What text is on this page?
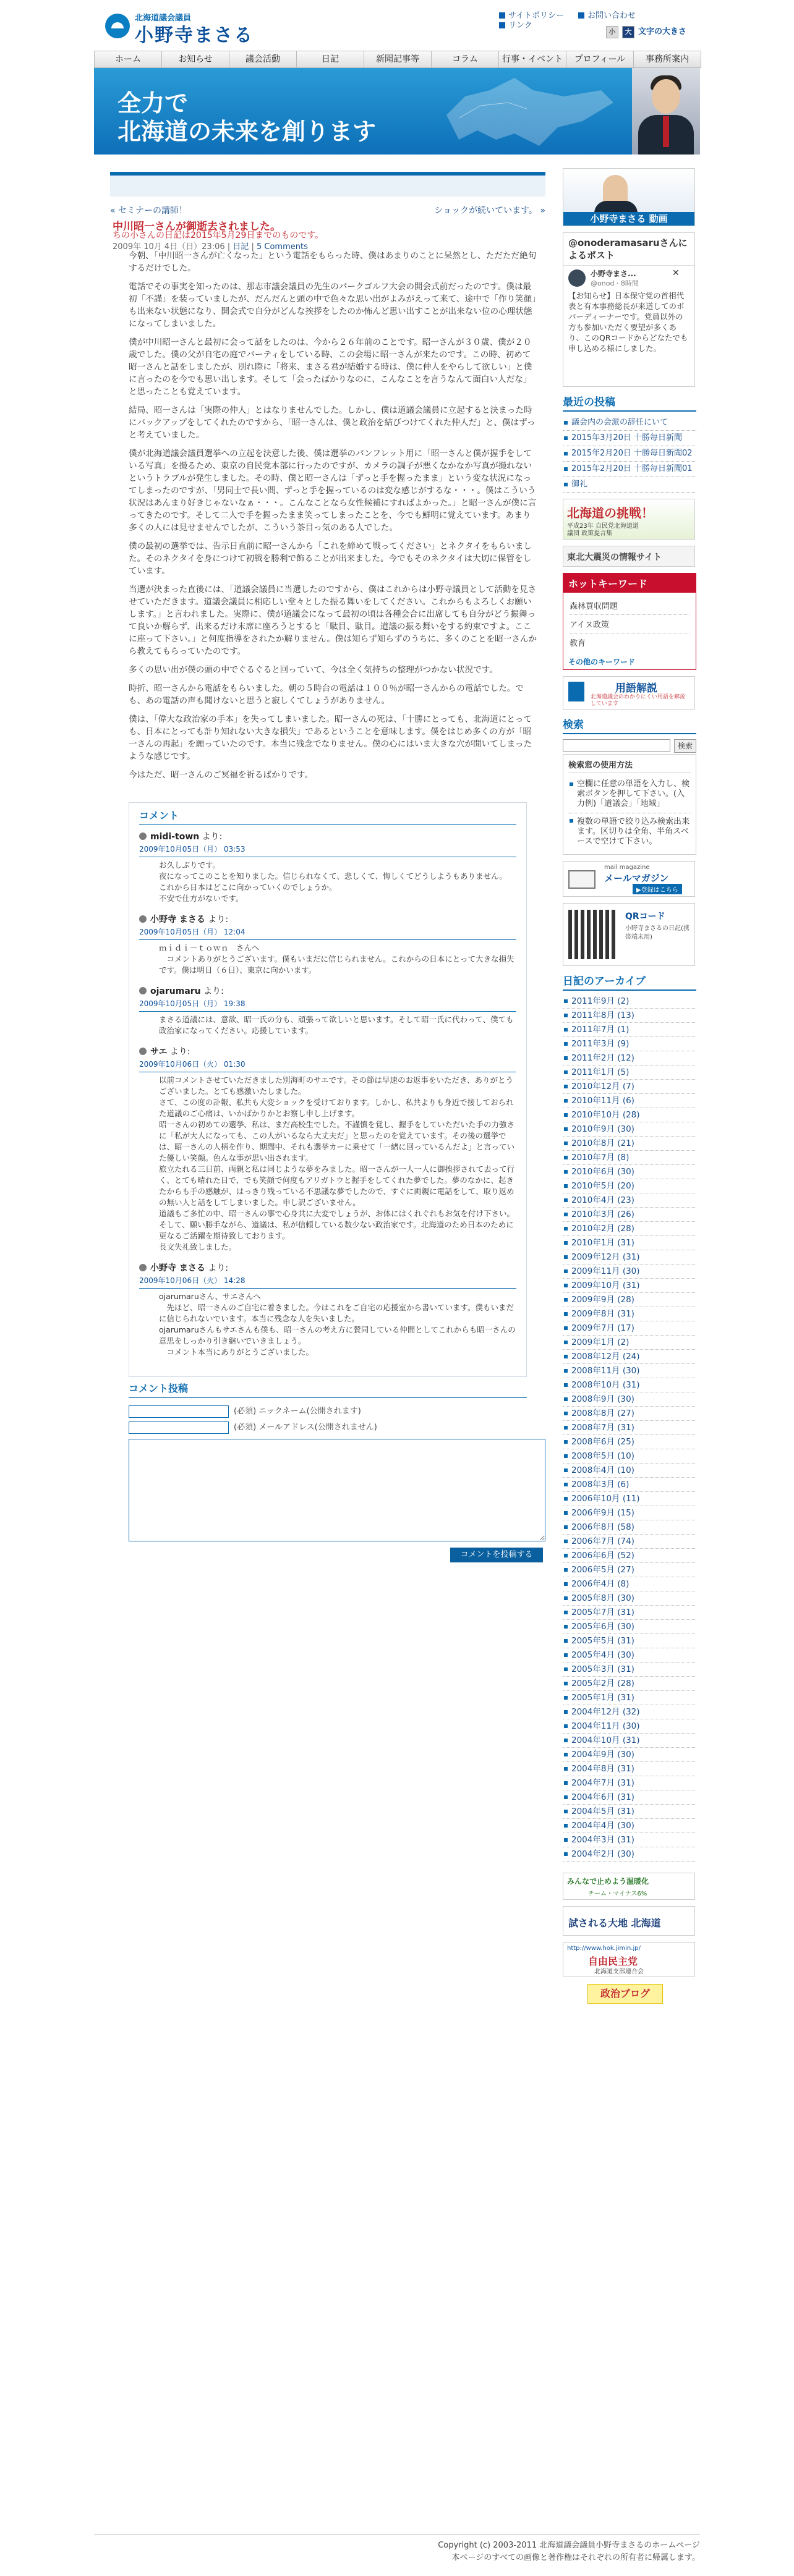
北海道議会議員
小野寺まさる
サイトポリシー	お問い合わせ
リンク
小 大 文字の大きさ
ホーム	お知らせ	議会活動	日記	新聞記事等	コラム	行事・イベント	プロフィール	事務所案内
全力で
北海道の未来を創ります
« セミナーの講師！	ショックが続いています。 »
中川昭一さんが御逝去されました。
ちの小さんの日記は2015年5月29日までのものです。
2009年 10月 4日（日）23:06 | 日記 | 5 Comments

今朝、「中川昭一さんが亡くなった」という電話をもらった時、僕はあまりのことに呆然とし、ただただ絶句するだけでした。

電話でその事実を知ったのは、那志市議会議員の先生のパークゴルフ大会の開会式前だったのです。僕は最初「不謹」を装っていましたが、だんだんと頭の中で色々な思い出がよみがえって来て、途中で「作り笑顔」も出来ない状態になり、開会式で自分がどんな挨拶をしたのか怖んど思い出すことが出来ない位の心理状態になってしまいました。

僕が中川昭一さんと最初に会って話をしたのは、今から２６年前のことです。昭一さんが３０歳、僕が２０歳でした。僕の父が自宅の庭でバーティをしている時、この会場に昭一さんが来たのです。この時、初めて昭一さんと話をしましたが、別れ際に「将来、まさる君が結婚する時は、僕に仲人をやらして欲しい」と僕に言ったのを今でも思い出します。そして「会ったばかりなのに、こんなことを言うなんて面白い人だな」と思ったことも覚えています。

結局、昭一さんは「実際の仲人」とはなりませんでした。しかし、僕は道議会議員に立起すると決まった時にバックアップをしてくれたのですから、「昭一さんは、僕と政治を結びつけてくれた仲人だ」と、僕はずっと考えていました。

僕が北海道議会議員選挙への立起を決意した後、僕は選挙のパンフレット用に「昭一さんと僕が握手をしている写真」を撮るため、東京の自民党本部に行ったのですが、カメラの調子が悪くなかなか写真が撮れないというトラブルが発生しました。その時、僕と昭一さんは「ずっと手を握ったまま」という変な状況になってしまったのですが、「男同士で長い間、ずっと手を握っているのは変な感じがするな・・・。僕はこういう状況はあんまり好きじゃないなぁ・・・。こんなことなら女性候補にすればよかった。」と昭一さんが僕に言ってきたのです。そして二人で手を握ったまま笑ってしまったことを、今でも鮮明に覚えています。あまり多くの人には見せませんでしたが、こういう茶目っ気のある人でした。

僕の最初の選挙では、告示日直前に昭一さんから「これを締めて戦ってください」とネクタイをもらいました。そのネクタイを身につけて初戦を勝利で飾ることが出来ました。今でもそのネクタイは大切に保管をしています。

当選が決まった直後には、「道議会議員に当選したのですから、僕はこれからは小野寺議員として活動を見させていただきます。道議会議員に相応しい堂々とした振る舞いをしてください。これからもよろしくお願いします。」と言われました。実際に、僕が道議会になって最初の頃は各種会合に出席しても自分がどう振舞って良いか解らず、出来るだけ末席に座ろうとすると「駄目、駄目。道議の振る舞いをする約束ですよ。ここに座って下さい。」と何度指導をされたか解りません。僕は知らず知らずのうちに、多くのことを昭一さんから教えてもらっていたのです。

多くの思い出が僕の頭の中でぐるぐると回っていて、今は全く気持ちの整理がつかない状況です。

時折、昭一さんから電話をもらいました。朝の５時台の電話は１００％が昭一さんからの電話でした。でも、あの電話の声も聞けないと思うと寂しくてしょうがありません。

僕は、「偉大な政治家の手本」を失ってしまいました。昭一さんの死は、「十勝にとっても、北海道にとっても、日本にとっても計り知れない大きな損失」であるということを意味します。僕をはじめ多くの方が「昭一さんの再起」を願っていたのです。本当に残念でなりません。僕の心にはいま大きな穴が開いてしまったような感じです。

今はただ、昭一さんのご冥福を祈るばかりです。

コメント
midi-town より:
2009年10月05日（月） 03:53
お久しぶりです。
夜になってこのことを知りました。信じられなくて、悲しくて、悔しくてどうしようもありません。
これから日本はどこに向かっていくのでしょうか。
不安で仕方がないです。
小野寺 まさる より:
2009年10月05日（月） 12:04
ｍｉｄｉ－ｔｏｗｎ　さんへ
　コメントありがとうございます。僕もいまだに信じられません。これからの日本にとって大きな損失です。僕は明日（６日）、東京に向かいます。
ojarumaru より:
2009年10月05日（月） 19:38
まさる道議には、意欲、昭一氏の分も、頑張って欲しいと思います。そして昭一氏に代わって、僕ても政治家になってください。応援しています。
サエ より:
2009年10月06日（火） 01:30
以前コメントさせていただきました別海町のサエです。その節は早速のお返事をいただき、ありがとうございました。とても感激いたしました。
さて、この度の訃報、私共も大変ショックを受けております。しかし、私共よりも身近で接しておられた道議のご心痛は、いかばかりかとお察し申し上げます。
昭一さんの初めての選挙、私は、まだ高校生でした。不謹慎を覚し、握手をしていただいた手の力強さに「私が大人になっても、この人がいるなら大丈夫だ」と思ったのを覚えています。その後の選挙では、昭一さんの人柄を作り、期間中、それも選挙カーに乗せて「一緒に回っているんだよ」と言っていた優しい笑顔。色んな事が思い出されます。
旅立たれる三日前、両親と私は同じような夢をみました。昭一さんが一人一人に御挨拶されて去って行く、とても晴れた日で、でも笑顔で何度もアリガトウと握手をしてくれた夢でした。夢のなかに、起きたからも手の感触が、はっきり残っている不思議な夢でしたので、すぐに両親に電話をして、取り返めの無い人と話をしてしまいました。申し訳ございません。
道議もご多忙の中、昭一さんの事で心身共に大変でしょうが、お体にはくれぐれもお気を付け下さい。そして、願い勝手ながら、道議は、私が信頼している数少ない政治家です。北海道のため日本のために更なるご活躍を期待致しております。
長文失礼致しました。
小野寺 まさる より:
2009年10月06日（火） 14:28
ojarumaruさん、サエさんへ
　先ほど、昭一さんのご自宅に着きました。今はこれをご自宅の応援室から書いています。僕もいまだに信じられないでいます。本当に残念な人を失いました。
ojarumaruさんもサエさんも僕も、昭一さんの考え方に賛同している仲間としてこれからも昭一さんの意思をしっかり引き継いでいきましょう。
　コメント本当にありがとうございました。
コメント投稿
(必須) ニックネーム(公開されます)
(必須) メールアドレス(公開されません)
コメントを投稿する
小野寺まさる 動画
@onoderamasaruさんによるポスト
小野寺まさ...
@onod · 8時間
✕
【お知らせ】日本保守党の首相代表と有本事務総長が来道してのポパーディーナーです。党員以外の方も参加いただく要望が多くあり、このQRコードからどなたでも申し込める様にしました。
最近の投稿
議会内の会派の辞任にいて
2015年3月20日 十勝毎日新聞
2015年2月20日 十勝毎日新聞02
2015年2月20日 十勝毎日新聞01
御礼
北海道の挑戦！
平成23年 自民党北海道道議団 政策提言集
東北大震災の情報サイト
ホットキーワード
森林買収問題
アイヌ政策
教育
その他のキーワード
用語解説
北海道議会のわかりにくい用語を解説しています
検索
検索
検索窓の使用方法
空欄に任意の単語を入力し、検索ボタンを押して下さい。(入力例)「道議会」「地域」
複数の単語で絞り込み検索出来ます。区切りは全角、半角スペースで空けて下さい。
mail magazine
メールマガジン
▶登録はこちら
QRコード
小野寺まさるの日記(携帯端末用)
日記のアーカイブ
2011年9月 (2)
2011年8月 (13)
2011年7月 (1)
2011年3月 (9)
2011年2月 (12)
2011年1月 (5)
2010年12月 (7)
2010年11月 (6)
2010年10月 (28)
2010年9月 (30)
2010年8月 (21)
2010年7月 (8)
2010年6月 (30)
2010年5月 (20)
2010年4月 (23)
2010年3月 (26)
2010年2月 (28)
2010年1月 (31)
2009年12月 (31)
2009年11月 (30)
2009年10月 (31)
2009年9月 (28)
2009年8月 (31)
2009年7月 (17)
2009年1月 (2)
2008年12月 (24)
2008年11月 (30)
2008年10月 (31)
2008年9月 (30)
2008年8月 (27)
2008年7月 (31)
2008年6月 (25)
2008年5月 (10)
2008年4月 (10)
2008年3月 (6)
2006年10月 (11)
2006年9月 (15)
2006年8月 (58)
2006年7月 (74)
2006年6月 (52)
2006年5月 (27)
2006年4月 (8)
2005年8月 (30)
2005年7月 (31)
2005年6月 (30)
2005年5月 (31)
2005年4月 (30)
2005年3月 (31)
2005年2月 (28)
2005年1月 (31)
2004年12月 (32)
2004年11月 (30)
2004年10月 (31)
2004年9月 (30)
2004年8月 (31)
2004年7月 (31)
2004年6月 (31)
2004年5月 (31)
2004年4月 (30)
2004年3月 (31)
2004年2月 (30)
みんなで止めよう温暖化
チーム・マイナス6%
試される大地 北海道
http://www.hok.jimin.jp/
自由民主党
北海道支部連合会
政治ブログ
Copyright (c) 2003-2011 北海道議会議員小野寺まさるのホームページ
本ページのすべての画像と著作権はそれぞれの所有者に帰属します。
